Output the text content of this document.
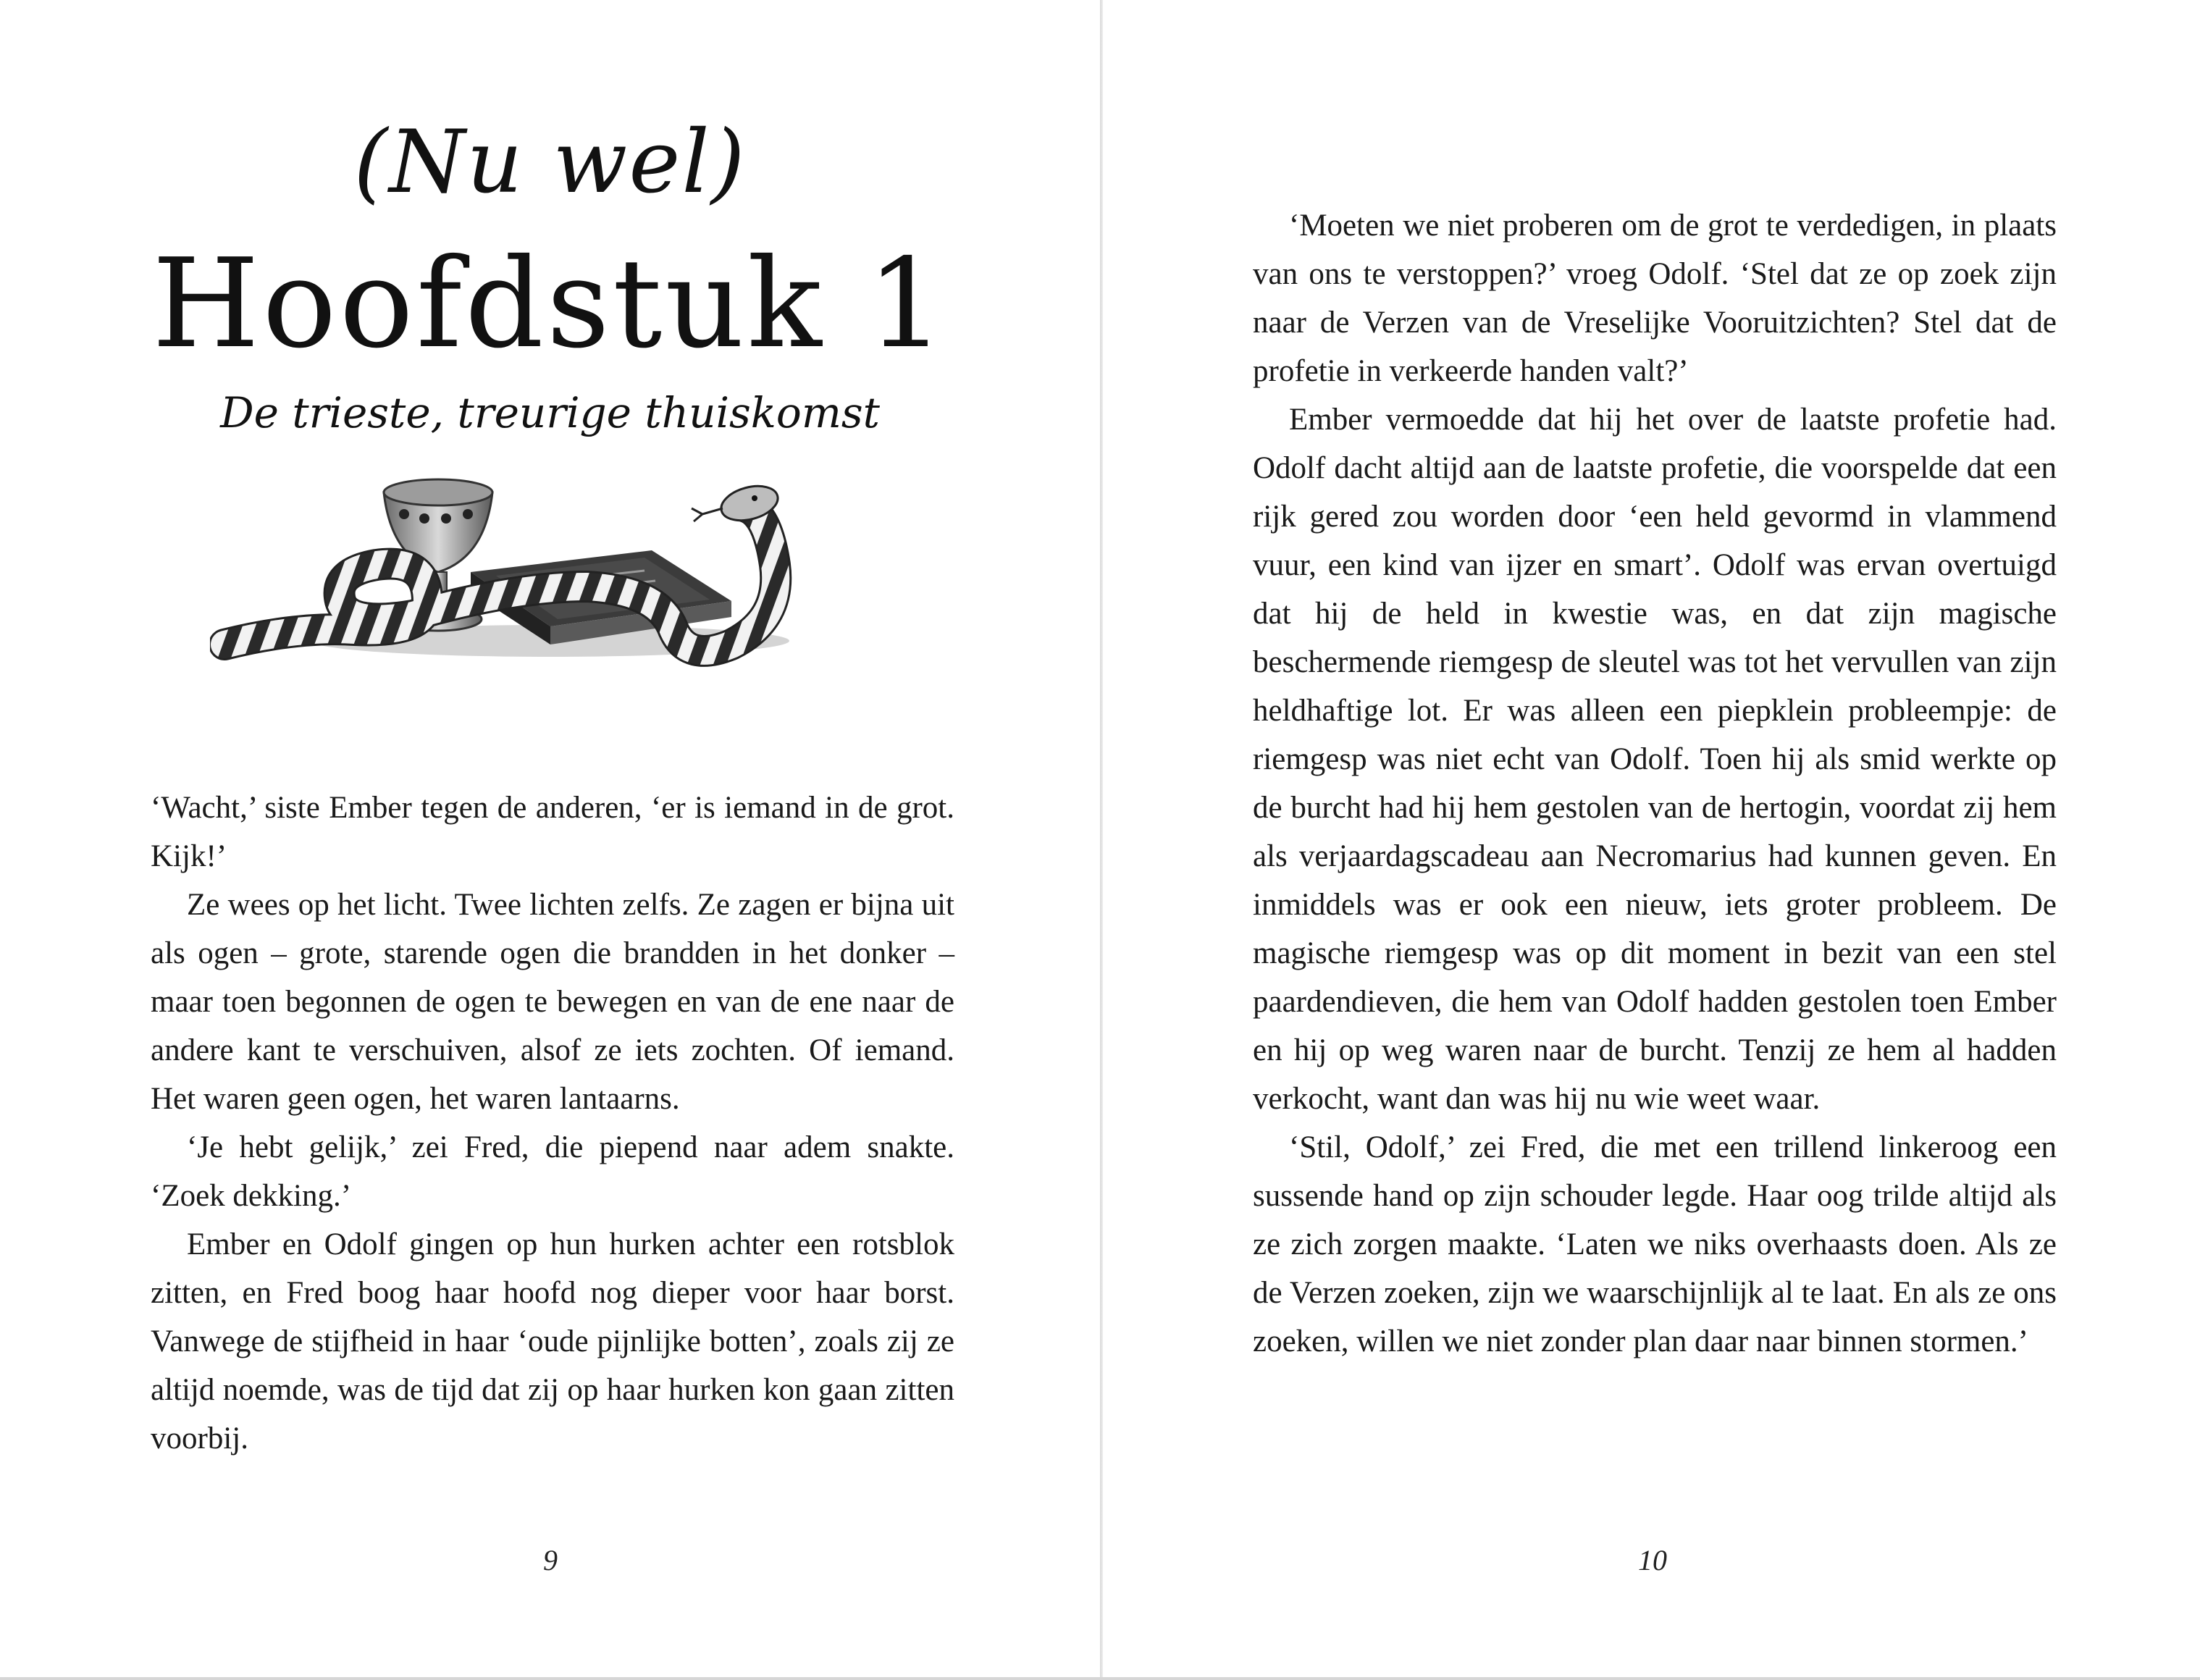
(Nu wel)
Hoofdstuk 1
De trieste, treurige thuiskomst

‘Wacht,’ siste Ember tegen de anderen, ‘er is iemand in de grot. Kijk!’

Ze wees op het licht. Twee lichten zelfs. Ze zagen er bijna uit als ogen – grote, starende ogen die brandden in het donker – maar toen begonnen de ogen te bewegen en van de ene naar de andere kant te verschuiven, alsof ze iets zochten. Of iemand. Het waren geen ogen, het waren lantaarns.

‘Je hebt gelijk,’ zei Fred, die piepend naar adem snakte. ‘Zoek dekking.’

Ember en Odolf gingen op hun hurken achter een rotsblok zitten, en Fred boog haar hoofd nog dieper voor haar borst. Vanwege de stijfheid in haar ‘oude pijnlijke botten’, zoals zij ze altijd noemde, was de tijd dat zij op haar hurken kon gaan zitten voorbij.

9

‘Moeten we niet proberen om de grot te verdedigen, in plaats van ons te verstoppen?’ vroeg Odolf. ‘Stel dat ze op zoek zijn naar de Verzen van de Vreselijke Vooruitzichten? Stel dat de profetie in verkeerde handen valt?’

Ember vermoedde dat hij het over de laatste profetie had. Odolf dacht altijd aan de laatste profetie, die voorspelde dat een rijk gered zou worden door ‘een held gevormd in vlammend vuur, een kind van ijzer en smart’. Odolf was ervan overtuigd dat hij de held in kwestie was, en dat zijn magische beschermende riemgesp de sleutel was tot het vervullen van zijn heldhaftige lot. Er was alleen een piepklein probleempje: de riemgesp was niet echt van Odolf. Toen hij als smid werkte op de burcht had hij hem gestolen van de hertogin, voordat zij hem als verjaardagscadeau aan Necromarius had kunnen geven. En inmiddels was er ook een nieuw, iets groter probleem. De magische riemgesp was op dit moment in bezit van een stel paardendieven, die hem van Odolf hadden gestolen toen Ember en hij op weg waren naar de burcht. Tenzij ze hem al hadden verkocht, want dan was hij nu wie weet waar.

‘Stil, Odolf,’ zei Fred, die met een trillend linkeroog een sussende hand op zijn schouder legde. Haar oog trilde altijd als ze zich zorgen maakte. ‘Laten we niks overhaasts doen. Als ze de Verzen zoeken, zijn we waarschijnlijk al te laat. En als ze ons zoeken, willen we niet zonder plan daar naar binnen stormen.’

10
